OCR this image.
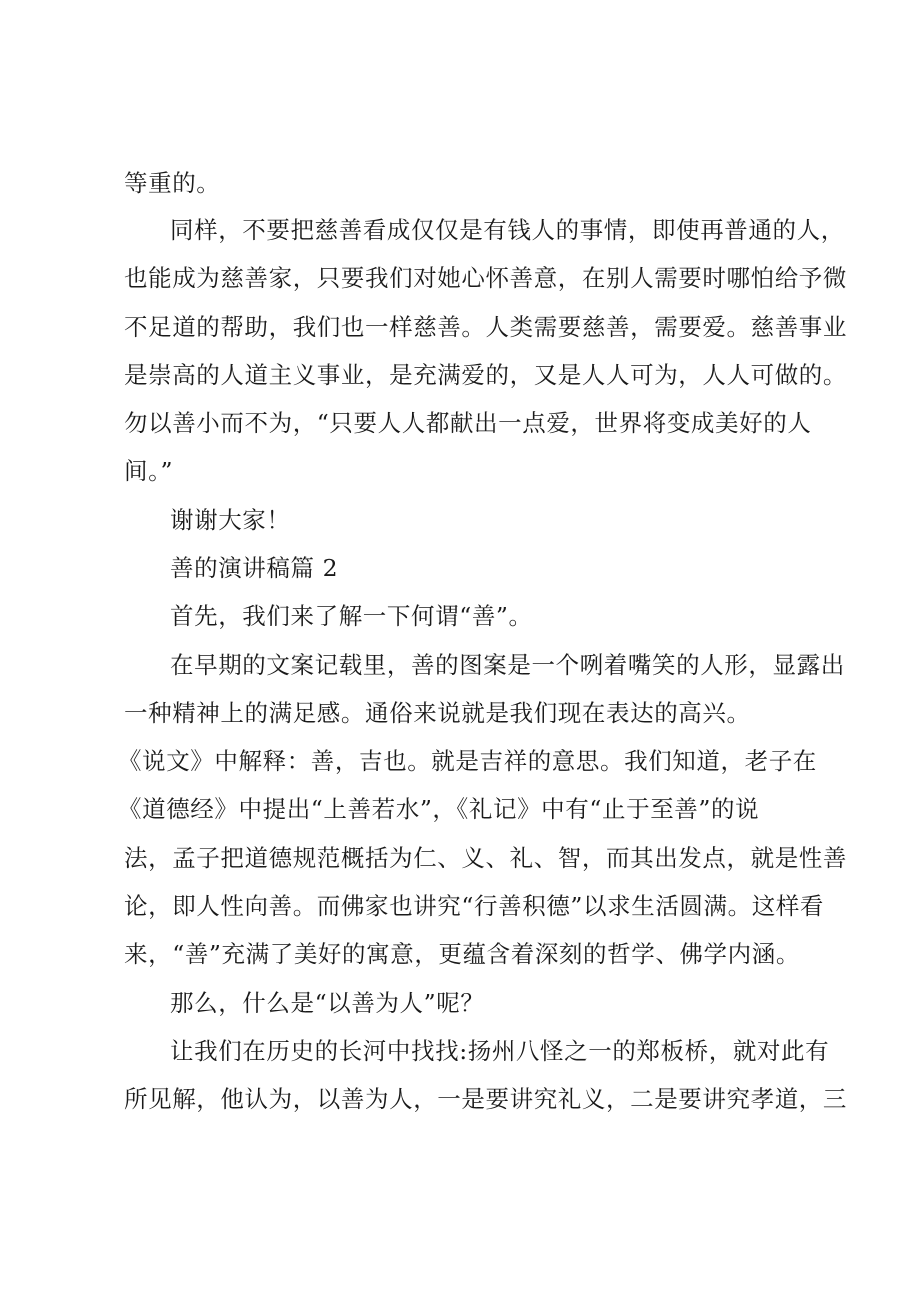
等重的。
同样，不要把慈善看成仅仅是有钱人的事情，即使再普通的人，
也能成为慈善家，只要我们对她心怀善意，在别人需要时哪怕给予微
不足道的帮助，我们也一样慈善。人类需要慈善，需要爱。慈善事业
是崇高的人道主义事业，是充满爱的，又是人人可为，人人可做的。
勿以善小而不为，“只要人人都献出一点爱，世界将变成美好的人
间。”
谢谢大家！
善的演讲稿篇 2
首先，我们来了解一下何谓“善”。
在早期的文案记载里，善的图案是一个咧着嘴笑的人形，显露出
一种精神上的满足感。通俗来说就是我们现在表达的高兴。
《说文》中解释：善，吉也。就是吉祥的意思。我们知道，老子在
《道德经》中提出“上善若水”，《礼记》中有“止于至善”的说
法，孟子把道德规范概括为仁、义、礼、智，而其出发点，就是性善
论，即人性向善。而佛家也讲究“行善积德”以求生活圆满。这样看
来，“善”充满了美好的寓意，更蕴含着深刻的哲学、佛学内涵。
那么，什么是“以善为人”呢？
让我们在历史的长河中找找:扬州八怪之一的郑板桥，就对此有
所见解，他认为，以善为人，一是要讲究礼义，二是要讲究孝道，三
